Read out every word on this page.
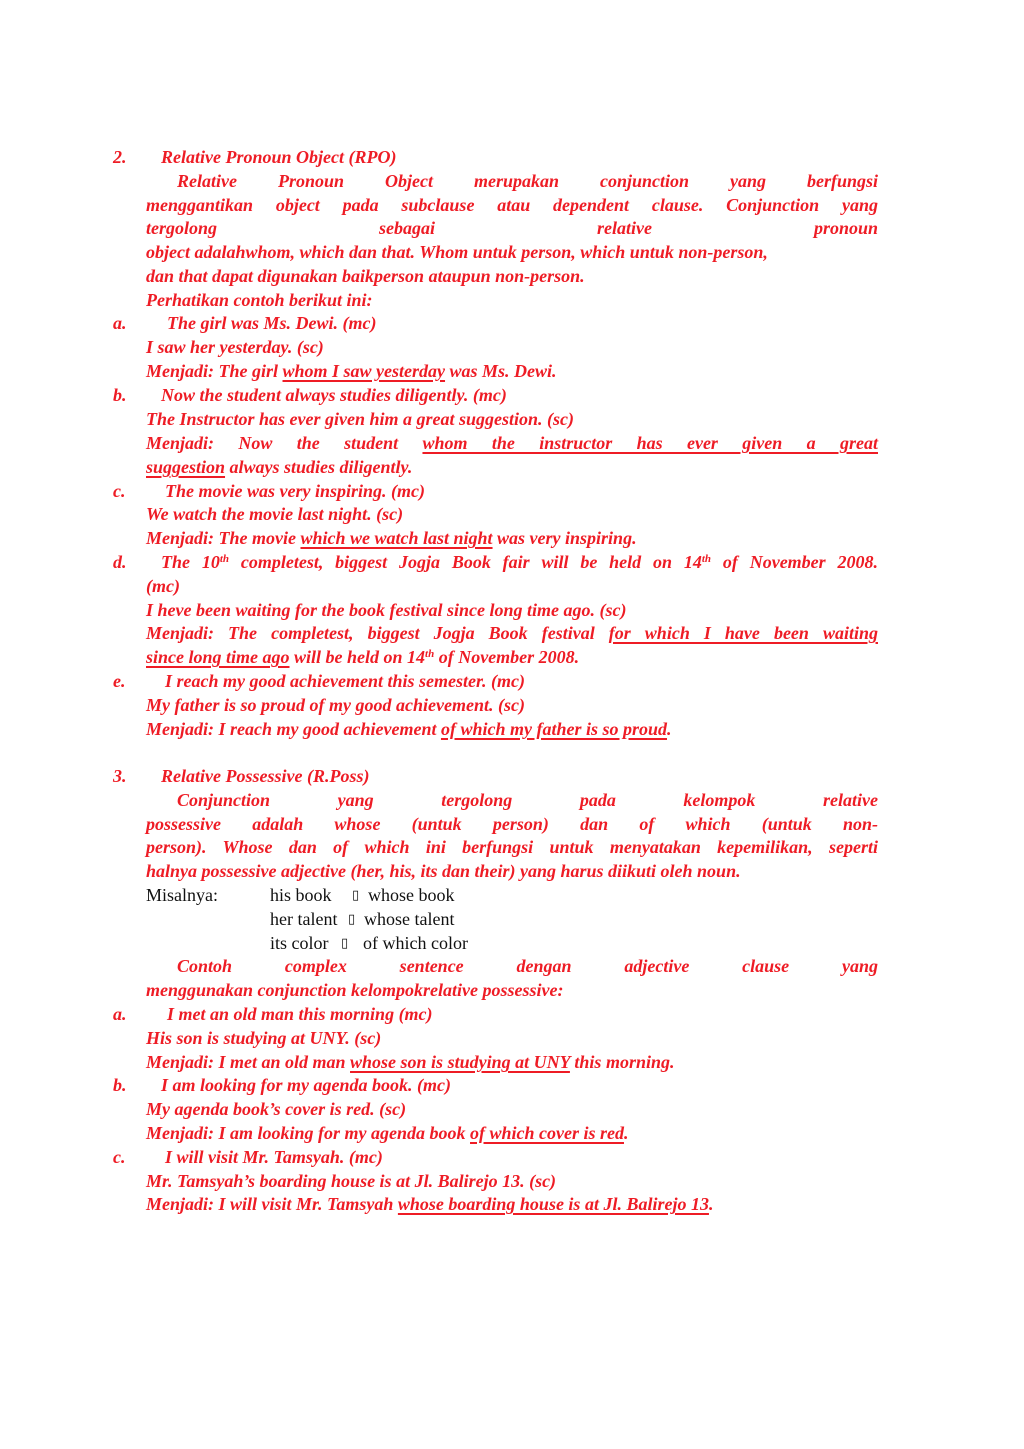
2. Relative Pronoun Object (RPO)
Relative Pronoun Object merupakan conjunction yang berfungsi
menggantikan object pada subclause atau dependent clause. Conjunction yang
tergolong sebagai relative pronoun
object adalahwhom, which dan that. Whom untuk person, which untuk non-person,
dan that dapat digunakan baikperson ataupun non-person.
Perhatikan contoh berikut ini:
a. The girl was Ms. Dewi. (mc)
I saw her yesterday. (sc)
Menjadi: The girl whom I saw yesterday was Ms. Dewi.
b. Now the student always studies diligently. (mc)
The Instructor has ever given him a great suggestion. (sc)
Menjadi: Now the student whom the instructor has ever given a great
suggestion always studies diligently.
c. The movie was very inspiring. (mc)
We watch the movie last night. (sc)
Menjadi: The movie which we watch last night was very inspiring.
d. The 10th completest, biggest Jogja Book fair will be held on 14th of November 2008.
(mc)
I heve been waiting for the book festival since long time ago. (sc)
Menjadi: The completest, biggest Jogja Book festival for which I have been waiting
since long time ago will be held on 14th of November 2008.
e. I reach my good achievement this semester. (mc)
My father is so proud of my good achievement. (sc)
Menjadi: I reach my good achievement of which my father is so proud.
3. Relative Possessive (R.Poss)
Conjunction yang tergolong pada kelompok relative
possessive adalah whose (untuk person) dan of which (untuk non-
person). Whose dan of which ini berfungsi untuk menyatakan kepemilikan, seperti
halnya possessive adjective (her, his, its dan their) yang harus diikuti oleh noun.
Misalnya:	his book ▯ whose book
her talent ▯ whose talent
its color ▯ of which color
Contoh complex sentence dengan adjective clause yang
menggunakan conjunction kelompokrelative possessive:
a. I met an old man this morning (mc)
His son is studying at UNY. (sc)
Menjadi: I met an old man whose son is studying at UNY this morning.
b. I am looking for my agenda book. (mc)
My agenda book’s cover is red. (sc)
Menjadi: I am looking for my agenda book of which cover is red.
c. I will visit Mr. Tamsyah. (mc)
Mr. Tamsyah’s boarding house is at Jl. Balirejo 13. (sc)
Menjadi: I will visit Mr. Tamsyah whose boarding house is at Jl. Balirejo 13.
